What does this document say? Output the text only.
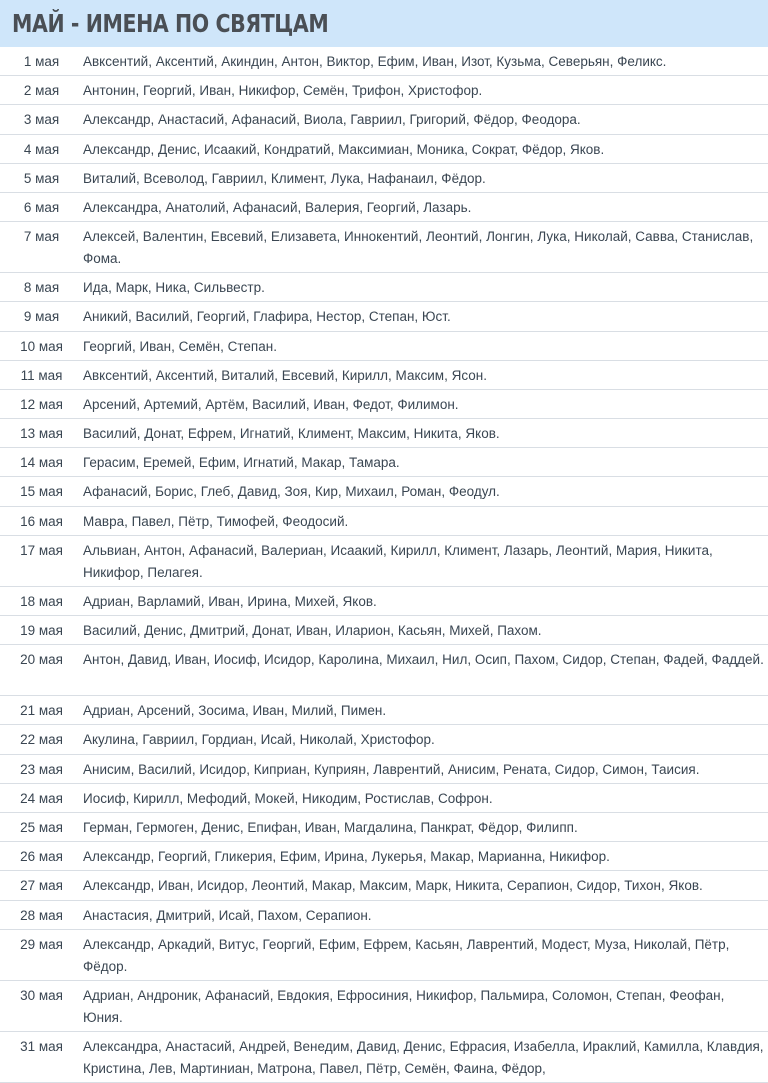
МАЙ - ИМЕНА ПО СВЯТЦАМ
1 мая	Авксентий, Аксентий, Акиндин, Антон, Виктор, Ефим, Иван, Изот, Кузьма, Северьян, Феликс.
2 мая	Антонин, Георгий, Иван, Никифор, Семён, Трифон, Христофор.
3 мая	Александр, Анастасий, Афанасий, Виола, Гавриил, Григорий, Фёдор, Феодора.
4 мая	Александр, Денис, Исаакий, Кондратий, Максимиан, Моника, Сократ, Фёдор, Яков.
5 мая	Виталий, Всеволод, Гавриил, Климент, Лука, Нафанаил, Фёдор.
6 мая	Александра, Анатолий, Афанасий, Валерия, Георгий, Лазарь.
7 мая	Алексей, Валентин, Евсевий, Елизавета, Иннокентий, Леонтий, Лонгин, Лука, Николай, Савва, Станислав, Фома.
8 мая	Ида, Марк, Ника, Сильвестр.
9 мая	Аникий, Василий, Георгий, Глафира, Нестор, Степан, Юст.
10 мая	Георгий, Иван, Семён, Степан.
11 мая	Авксентий, Аксентий, Виталий, Евсевий, Кирилл, Максим, Ясон.
12 мая	Арсений, Артемий, Артём, Василий, Иван, Федот, Филимон.
13 мая	Василий, Донат, Ефрем, Игнатий, Климент, Максим, Никита, Яков.
14 мая	Герасим, Еремей, Ефим, Игнатий, Макар, Тамара.
15 мая	Афанасий, Борис, Глеб, Давид, Зоя, Кир, Михаил, Роман, Феодул.
16 мая	Мавра, Павел, Пётр, Тимофей, Феодосий.
17 мая	Альвиан, Антон, Афанасий, Валериан, Исаакий, Кирилл, Климент, Лазарь, Леонтий, Мария, Никита, Никифор, Пелагея.
18 мая	Адриан, Варламий, Иван, Ирина, Михей, Яков.
19 мая	Василий, Денис, Дмитрий, Донат, Иван, Иларион, Касьян, Михей, Пахом.
20 мая	Антон, Давид, Иван, Иосиф, Исидор, Каролина, Михаил, Нил, Осип, Пахом, Сидор, Степан, Фадей, Фаддей.
21 мая	Адриан, Арсений, Зосима, Иван, Милий, Пимен.
22 мая	Акулина, Гавриил, Гордиан, Исай, Николай, Христофор.
23 мая	Анисим, Василий, Исидор, Киприан, Куприян, Лаврентий, Анисим, Рената, Сидор, Симон, Таисия.
24 мая	Иосиф, Кирилл, Мефодий, Мокей, Никодим, Ростислав, Софрон.
25 мая	Герман, Гермоген, Денис, Епифан, Иван, Магдалина, Панкрат, Фёдор, Филипп.
26 мая	Александр, Георгий, Гликерия, Ефим, Ирина, Лукерья, Макар, Марианна, Никифор.
27 мая	Александр, Иван, Исидор, Леонтий, Макар, Максим, Марк, Никита, Серапион, Сидор, Тихон, Яков.
28 мая	Анастасия, Дмитрий, Исай, Пахом, Серапион.
29 мая	Александр, Аркадий, Витус, Георгий, Ефим, Ефрем, Касьян, Лаврентий, Модест, Муза, Николай, Пётр, Фёдор.
30 мая	Адриан, Андроник, Афанасий, Евдокия, Ефросиния, Никифор, Пальмира, Соломон, Степан, Феофан, Юния.
31 мая	Александра, Анастасий, Андрей, Венедим, Давид, Денис, Ефрасия, Изабелла, Ираклий, Камилла, Клавдия, Кристина, Лев, Мартиниан, Матрона, Павел, Пётр, Семён, Фаина, Фёдор,
